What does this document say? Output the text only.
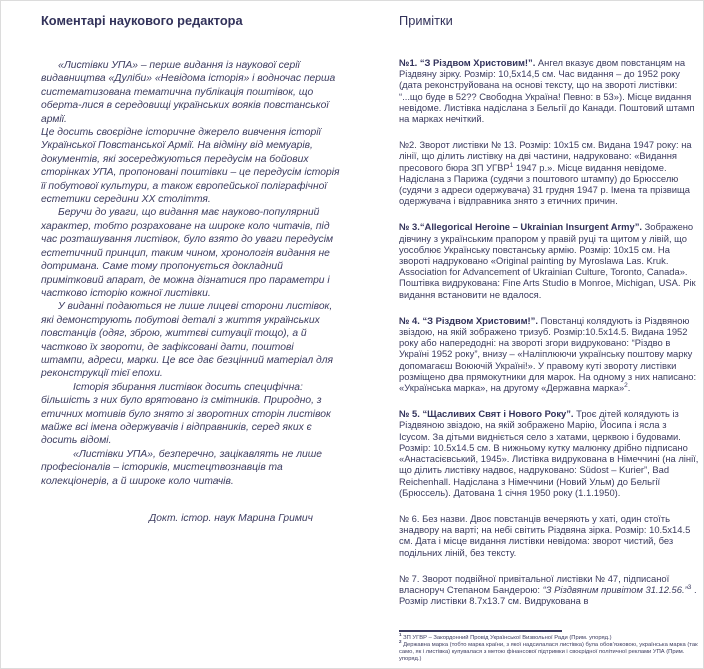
Коментарі наукового редактора

«Листівки УПА» – перше видання із наукової серії видавництва «Дуліби» «Невідома історія» і водночас перша систематизована тематична публікація поштівок, що оберта-лися в середовищі українських вояків повстанської армії.

Це досить своєрідне історичне джерело вивчення історії Української Повстанської Армії. На відміну від мемуарів, документів, які зосереджуються передусім на бойових сторінках УПА, пропоновані поштівки – це передусім історія її побутової культури, а також європейської поліграфічної естетики середини ХХ століття.

Беручи до уваги, що видання має науково-популярний характер, тобто розраховане на широке коло читачів, під час розташування листівок, було взято до уваги передусім естетичний принцип, таким чином, хронологія видання не дотримана. Саме тому пропонується докладний примітковий апарат, де можна дізнатися про параметри і частково історію кожної листівки.

У виданні подаються не лише лицеві сторони листівок, які демонструють побутові деталі з життя українських повстанців (одяг, зброю, життєві ситуації тощо), а й частково їх звороти, де зафіксовані дати, поштові штампи, адреси, марки. Це все дає безцінний матеріал для реконструкції тієї епохи.

Історія збирання листівок досить специфічна: більшість з них було врятовано із смітників. Природно, з етичних мотивів було знято зі зворотних сторін листівок майже всі імена одержувачів і відправників, серед яких є досить відомі.

«Листівки УПА», безперечно, зацікавлять не лише професіоналів – істориків, мистецтвознавців та колекціонерів, а й широке коло читачів.

Докт. істор. наук Марина Гримич
Примітки

№1. “З Різдвом Христовим!”. Ангел вказує двом повстанцям на Різдвяну зірку. Розмір: 10,5х14,5 см. Час видання – до 1952 року (дата реконструйована на основі тексту, що на звороті листівки: “...що буде в 52?? Свободна Україна! Певно: в 53»). Місце видання невідоме. Листівка надіслана з Бельгії до Канади. Поштовий штамп на марках нечіткий.

№2. Зворот листівки № 13. Розмір: 10х15 см. Видана 1947 року: на лінії, що ділить листівку на дві частини, надруковано: «Видання пресового бюра ЗП УГВР$^1$ 1947 р.». Місце видання невідоме. Надіслана з Парижа (судячи з поштового штампу) до Брюсселю (судячи з адреси одержувача) 31 грудня 1947 р. Імена та прізвища одержувача і відправника знято з етичних причин.

№ 3.“Allegorical Heroine – Ukrainian Insurgent Army”. Зображено дівчину з українським прапором у правій руці та щитом у лівій, що уособлює Українську повстанську армію. Розмір: 10х15 см. На звороті надруковано «Original painting by Myroslawa Las. Kruk. Association for Advancement of Ukrainian Culture, Toronto, Canada». Поштівка видрукована: Fine Arts Studio в Monroe, Michigan, USA. Рік видання встановити не вдалося.

№ 4. “З Різдвом Христовим!”. Повстанці колядують із Різдвяною звіздою, на якій зображено тризуб. Розмір:10.5х14.5. Видана 1952 року або напередодні: на звороті згори видруковано: “Різдво в Україні 1952 року”, внизу – «Наліплюючи українську поштову марку допомагаєш Воюючій Україні!». У правому куті звороту листівки розміщено два прямокутники для марок. На одному з них написано: «Українська марка», на другому «Державна марка»$^2$.

№ 5. “Щасливих Свят і Нового Року”. Троє дітей колядують із Різдвяною звіздою, на якій зображено Марію, Йосипа і ясла з Ісусом. За дітьми видніється село з хатами, церквою і будовами. Розмір: 10.5х14.5 см. В нижньому кутку малюнку дрібно підписано «Анастасієвський, 1945». Листівка видрукована в Німеччині (на лінії, що ділить листівку надвоє, надруковано: Südost – Kurier”, Bad Reichenhall. Надіслана з Німеччини (Новий Ульм) до Бельгії (Брюссель). Датована 1 січня 1950 року (1.1.1950).

№ 6. Без назви. Двоє повстанців вечеряють у хаті, один стоїть знадвору на варті; на небі світить Різдвяна зірка. Розмір: 10.5х14.5 см. Дата і місце видання листівки невідома: зворот чистий, без подільних ліній, без тексту.

№ 7. Зворот подвійної привітальної листівки № 47, підписаної власноруч Степаном Бандерою: “З Різдвяним привітом 31.12.56.”$^3$ . Розмір листівки 8.7х13.7 см. Видрукована в

$^1$ ЗП УГВР – Закордонний Провід Української Визвольної Ради (Прим. упоряд.)

$^2$ Державна марка (тобто марка країни, з якої надсилалася листівка) була обов’язковою, українська марка (так само, як і листівка) купувалася з метою фінансової підтримки і своєрідної політичної реклами УПА (Прим. упоряд.)
